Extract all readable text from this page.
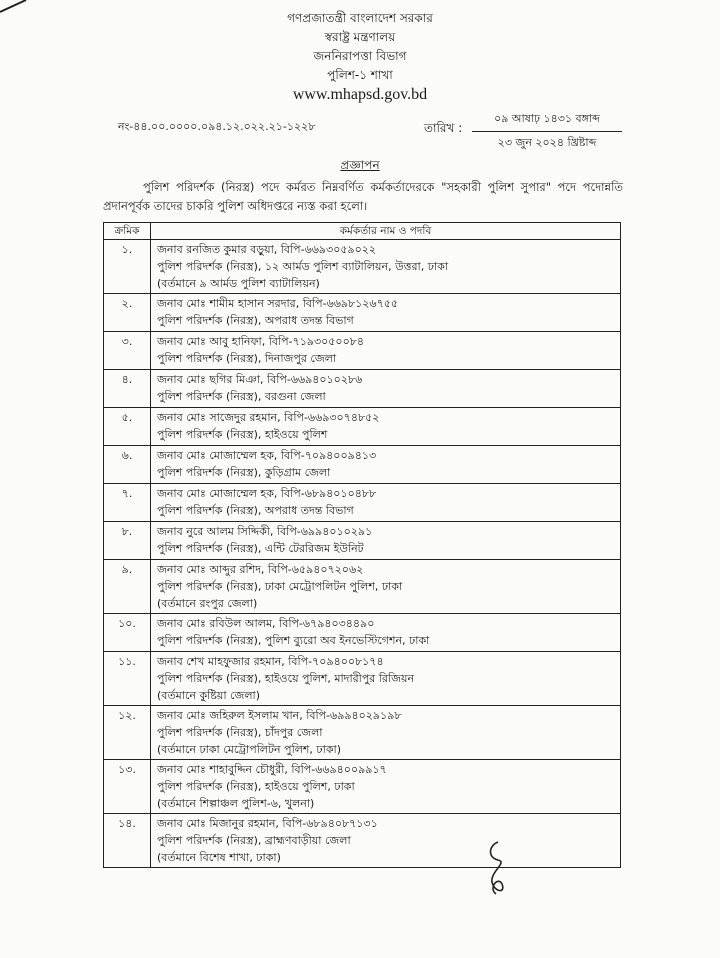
গণপ্রজাতন্ত্রী বাংলাদেশ সরকার
স্বরাষ্ট্র মন্ত্রণালয়
জননিরাপত্তা বিভাগ
পুলিশ-১ শাখা
www.mhapsd.gov.bd
নং-৪৪.০০.০০০০.০৯৪.১২.০২২.২১-১২২৮	তারিখ :
০৯ আষাঢ় ১৪৩১ বঙ্গাব্দ
২৩ জুন ২০২৪ খ্রিষ্টাব্দ
প্রজ্ঞাপন
পুলিশ পরিদর্শক (নিরস্ত্র) পদে কর্মরত নিম্নবর্ণিত কর্মকর্তাদেরকে "সহকারী পুলিশ সুপার" পদে পদোন্নতি প্রদানপূর্বক তাদের চাকরি পুলিশ অধিদপ্তরে ন্যস্ত করা হলো।
ক্রমিক	কর্মকর্তার নাম ও পদবি
১.	জনাব রনজিত কুমার বড়ুয়া, বিপি-৬৬৯৩০৫৯০২২
পুলিশ পরিদর্শক (নিরস্ত্র), ১২ আর্মড পুলিশ ব্যাটালিয়ন, উত্তরা, ঢাকা
(বর্তমানে ৯ আর্মড পুলিশ ব্যাটালিয়ন)

২.	জনাব মোঃ শামীম হাসান সরদার, বিপি-৬৬৯৮১২৬৭৫৫
পুলিশ পরিদর্শক (নিরস্ত্র), অপরাধ তদন্ত বিভাগ

৩.	জনাব মোঃ আবু হানিফা, বিপি-৭১৯৩০৫০০৮৪
পুলিশ পরিদর্শক (নিরস্ত্র), দিনাজপুর জেলা

৪.	জনাব মোঃ ছগির মিঞা, বিপি-৬৬৯৪০১০২৮৬
পুলিশ পরিদর্শক (নিরস্ত্র), বরগুনা জেলা

৫.	জনাব মোঃ সাজেদুর রহমান, বিপি-৬৬৯৩০৭৪৮৫২
পুলিশ পরিদর্শক (নিরস্ত্র), হাইওয়ে পুলিশ

৬.	জনাব মোঃ মোজাম্মেল হক, বিপি-৭০৯৪০০৯৪১৩
পুলিশ পরিদর্শক (নিরস্ত্র), কুড়িগ্রাম জেলা

৭.	জনাব মোঃ মোজাম্মেল হক, বিপি-৬৮৯৪০১০৪৮৮
পুলিশ পরিদর্শক (নিরস্ত্র), অপরাধ তদন্ত বিভাগ

৮.	জনাব নুরে আলম সিদ্দিকী, বিপি-৬৯৯৪০১০২৯১
পুলিশ পরিদর্শক (নিরস্ত্র), এন্টি টেররিজম ইউনিট

৯.	জনাব মোঃ আব্দুর রশিদ, বিপি-৬৫৯৪০৭২০৬২
পুলিশ পরিদর্শক (নিরস্ত্র), ঢাকা মেট্রোপলিটন পুলিশ, ঢাকা
(বর্তমানে রংপুর জেলা)

১০.	জনাব মোঃ রবিউল আলম, বিপি-৬৭৯৪০৩৪৪৯০
পুলিশ পরিদর্শক (নিরস্ত্র), পুলিশ ব্যুরো অব ইনভেস্টিগেশন, ঢাকা

১১.	জনাব শেখ মাহফুজার রহমান, বিপি-৭০৯৪০০৮১৭৪
পুলিশ পরিদর্শক (নিরস্ত্র), হাইওয়ে পুলিশ, মাদারীপুর রিজিয়ন
(বর্তমানে কুষ্টিয়া জেলা)

১২.	জনাব মোঃ জহিরুল ইসলাম খান, বিপি-৬৯৯৪০২৯১৯৮
পুলিশ পরিদর্শক (নিরস্ত্র), চাঁদপুর জেলা
(বর্তমানে ঢাকা মেট্রোপলিটন পুলিশ, ঢাকা)

১৩.	জনাব মোঃ শাহাবুদ্দিন চৌধুরী, বিপি-৬৬৯৪০০৯৯১৭
পুলিশ পরিদর্শক (নিরস্ত্র), হাইওয়ে পুলিশ, ঢাকা
(বর্তমানে শিল্পাঞ্চল পুলিশ-৬, খুলনা)

১৪.	জনাব মোঃ মিজানুর রহমান, বিপি-৬৮৯৪০৮৭১৩১
পুলিশ পরিদর্শক (নিরস্ত্র), ব্রাহ্মণবাড়ীয়া জেলা
(বর্তমানে বিশেষ শাখা, ঢাকা)
